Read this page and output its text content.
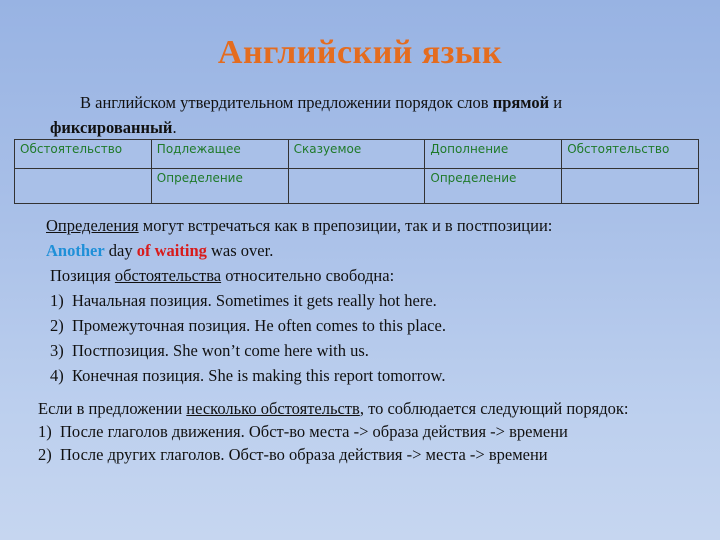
Английский язык
В английском утвердительном предложении порядок слов прямой и фиксированный.
Обстоятельство	Подлежащее	Сказуемое	Дополнение	Обстоятельство
	Определение		Определение	
Определения могут встречаться как в препозиции, так и в постпозиции:
Another day of waiting was over.
Позиция обстоятельства относительно свободна:
1) Начальная позиция. Sometimes it gets really hot here.
2) Промежуточная позиция. He often comes to this place.
3) Постпозиция. She won’t come here with us.
4) Конечная позиция. She is making this report tomorrow.
Если в предложении несколько обстоятельств, то соблюдается следующий порядок:
1) После глаголов движения. Обст-во места -> образа действия -> времени
2) После других глаголов. Обст-во образа действия -> места -> времени
